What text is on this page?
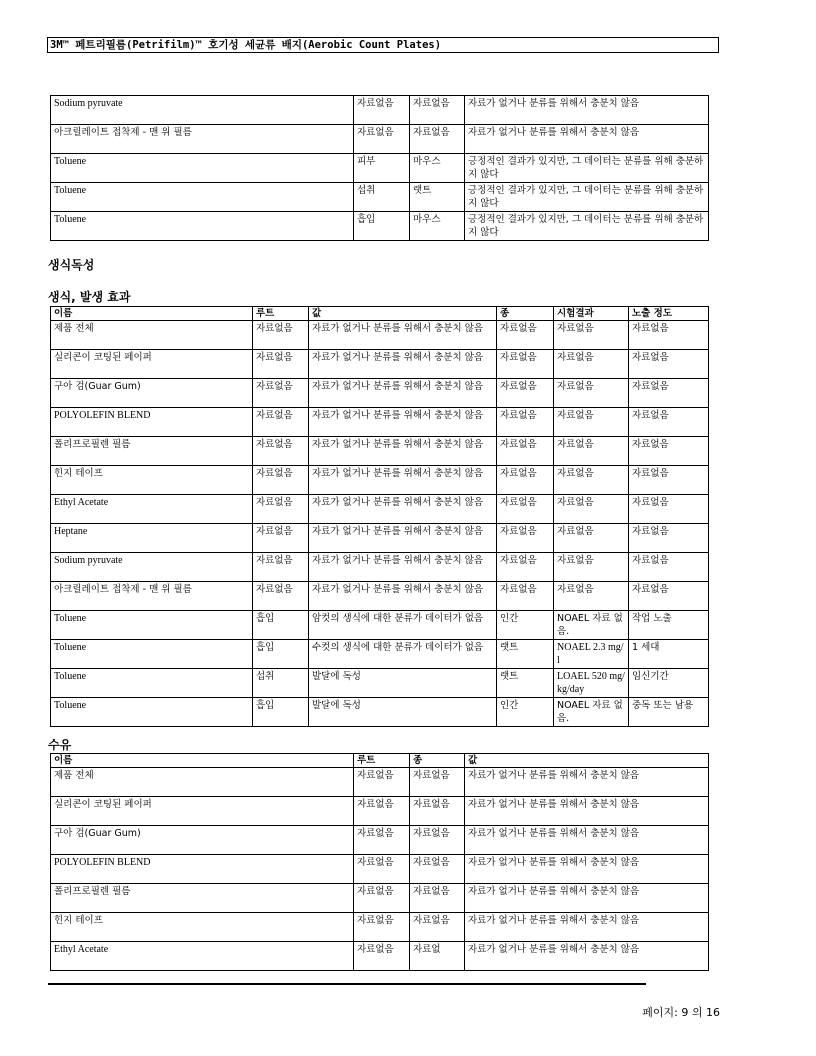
3M™ 페트리필름(Petrifilm)™ 호기성 세균류 배지(Aerobic Count Plates)
Sodium pyruvate	자료없음	자료없음	자료가 없거나 분류를 위해서 충분치 않음
아크릴레이트 접착제 - 맨 위 필름	자료없음	자료없음	자료가 없거나 분류를 위해서 충분치 않음
Toluene	피부	마우스	긍정적인 결과가 있지만, 그 데이터는 분류를 위해 충분하지 않다
Toluene	섭취	랫트	긍정적인 결과가 있지만, 그 데이터는 분류를 위해 충분하지 않다
Toluene	흡입	마우스	긍정적인 결과가 있지만, 그 데이터는 분류를 위해 충분하지 않다
생식독성
생식, 발생 효과
이름	루트	값	종	시험결과	노출 정도
제품 전체	자료없음	자료가 없거나 분류를 위해서 충분치 않음	자료없음	자료없음	자료없음
실리콘이 코팅된 페이퍼	자료없음	자료가 없거나 분류를 위해서 충분치 않음	자료없음	자료없음	자료없음
구아 검(Guar Gum)	자료없음	자료가 없거나 분류를 위해서 충분치 않음	자료없음	자료없음	자료없음
POLYOLEFIN BLEND	자료없음	자료가 없거나 분류를 위해서 충분치 않음	자료없음	자료없음	자료없음
폴리프로필렌 필름	자료없음	자료가 없거나 분류를 위해서 충분치 않음	자료없음	자료없음	자료없음
힌지 테이프	자료없음	자료가 없거나 분류를 위해서 충분치 않음	자료없음	자료없음	자료없음
Ethyl Acetate	자료없음	자료가 없거나 분류를 위해서 충분치 않음	자료없음	자료없음	자료없음
Heptane	자료없음	자료가 없거나 분류를 위해서 충분치 않음	자료없음	자료없음	자료없음
Sodium pyruvate	자료없음	자료가 없거나 분류를 위해서 충분치 않음	자료없음	자료없음	자료없음
아크릴레이트 접착제 - 맨 위 필름	자료없음	자료가 없거나 분류를 위해서 충분치 않음	자료없음	자료없음	자료없음
Toluene	흡입	암컷의 생식에 대한 분류가 데이터가 없음	인간	NOAEL 자료 없음.	작업 노출
Toluene	흡입	수컷의 생식에 대한 분류가 데이터가 없음	랫트	NOAEL 2.3 mg/l	1 세대
Toluene	섭취	발달에 독성	랫트	LOAEL 520 mg/kg/day	임신기간
Toluene	흡입	발달에 독성	인간	NOAEL 자료 없음.	중독 또는 남용
수유
이름	루트	종	값
제품 전체	자료없음	자료없음	자료가 없거나 분류를 위해서 충분치 않음
실리콘이 코팅된 페이퍼	자료없음	자료없음	자료가 없거나 분류를 위해서 충분치 않음
구아 검(Guar Gum)	자료없음	자료없음	자료가 없거나 분류를 위해서 충분치 않음
POLYOLEFIN BLEND	자료없음	자료없음	자료가 없거나 분류를 위해서 충분치 않음
폴리프로필렌 필름	자료없음	자료없음	자료가 없거나 분류를 위해서 충분치 않음
힌지 테이프	자료없음	자료없음	자료가 없거나 분류를 위해서 충분치 않음
Ethyl Acetate	자료없음	자료없	자료가 없거나 분류를 위해서 충분치 않음
페이지: 9 의 16
